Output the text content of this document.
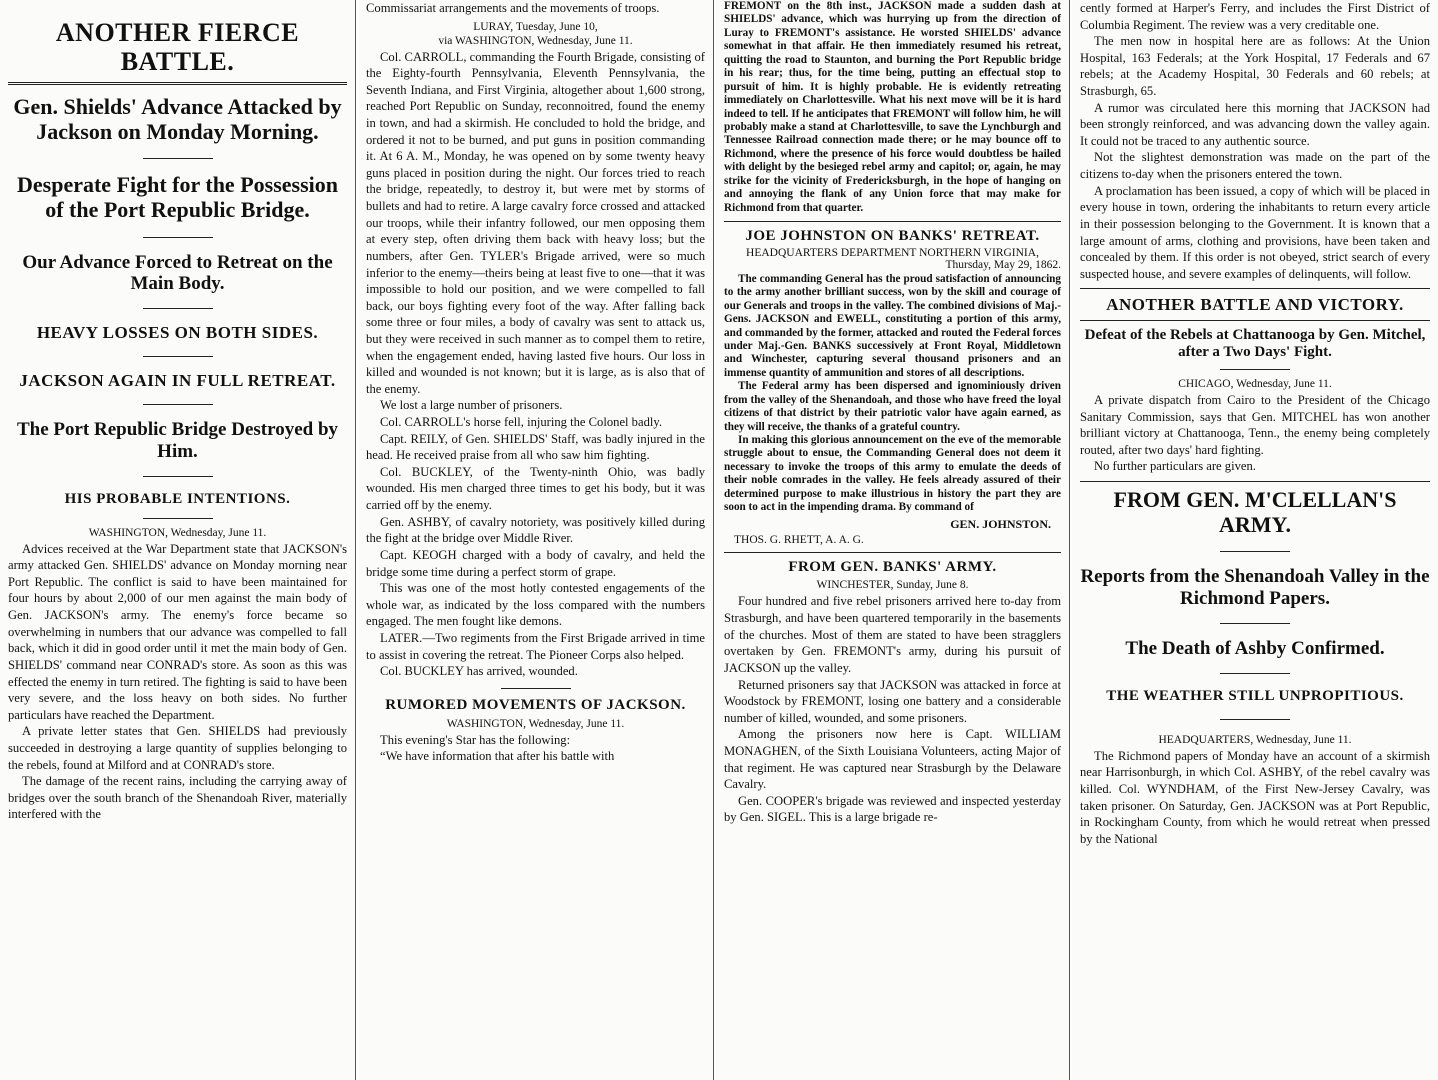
ANOTHER FIERCE BATTLE.
Gen. Shields' Advance Attacked by Jackson on Monday Morning.
Desperate Fight for the Possession of the Port Republic Bridge.
Our Advance Forced to Retreat on the Main Body.
HEAVY LOSSES ON BOTH SIDES.
JACKSON AGAIN IN FULL RETREAT.
The Port Republic Bridge Destroyed by Him.
HIS PROBABLE INTENTIONS.
WASHINGTON, Wednesday, June 11.

Advices received at the War Department state that JACKSON's army attacked Gen. SHIELDS' advance on Monday morning near Port Republic. The conflict is said to have been maintained for four hours by about 2,000 of our men against the main body of Gen. JACKSON's army. The enemy's force became so overwhelming in numbers that our advance was compelled to fall back, which it did in good order until it met the main body of Gen. SHIELDS' command near CONRAD's store. As soon as this was effected the enemy in turn retired. The fighting is said to have been very severe, and the loss heavy on both sides. No further particulars have reached the Department.

A private letter states that Gen. SHIELDS had previously succeeded in destroying a large quantity of supplies belonging to the rebels, found at Milford and at CONRAD's store.

The damage of the recent rains, including the carrying away of bridges over the south branch of the Shenandoah River, materially interfered with the

Commissariat arrangements and the movements of troops.

LURAY, Tuesday, June 10,
via WASHINGTON, Wednesday, June 11.

Col. CARROLL, commanding the Fourth Brigade, consisting of the Eighty-fourth Pennsylvania, Eleventh Pennsylvania, the Seventh Indiana, and First Virginia, altogether about 1,600 strong, reached Port Republic on Sunday, reconnoitred, found the enemy in town, and had a skirmish. He concluded to hold the bridge, and ordered it not to be burned, and put guns in position commanding it. At 6 A. M., Monday, he was opened on by some twenty heavy guns placed in position during the night. Our forces tried to reach the bridge, repeatedly, to destroy it, but were met by storms of bullets and had to retire. A large cavalry force crossed and attacked our troops, while their infantry followed, our men opposing them at every step, often driving them back with heavy loss; but the numbers, after Gen. TYLER's Brigade arrived, were so much inferior to the enemy—theirs being at least five to one—that it was impossible to hold our position, and we were compelled to fall back, our boys fighting every foot of the way. After falling back some three or four miles, a body of cavalry was sent to attack us, but they were received in such manner as to compel them to retire, when the engagement ended, having lasted five hours. Our loss in killed and wounded is not known; but it is large, as is also that of the enemy.

We lost a large number of prisoners.

Col. CARROLL's horse fell, injuring the Colonel badly.

Capt. REILY, of Gen. SHIELDS' Staff, was badly injured in the head. He received praise from all who saw him fighting.

Col. BUCKLEY, of the Twenty-ninth Ohio, was badly wounded. His men charged three times to get his body, but it was carried off by the enemy.

Gen. ASHBY, of cavalry notoriety, was positively killed during the fight at the bridge over Middle River.

Capt. KEOGH charged with a body of cavalry, and held the bridge some time during a perfect storm of grape.

This was one of the most hotly contested engagements of the whole war, as indicated by the loss compared with the numbers engaged. The men fought like demons.

LATER.—Two regiments from the First Brigade arrived in time to assist in covering the retreat. The Pioneer Corps also helped.

Col. BUCKLEY has arrived, wounded.

RUMORED MOVEMENTS OF JACKSON.
WASHINGTON, Wednesday, June 11.

This evening's Star has the following:

“We have information that after his battle with

FREMONT on the 8th inst., JACKSON made a sudden dash at SHIELDS' advance, which was hurrying up from the direction of Luray to FREMONT's assistance. He worsted SHIELDS' advance somewhat in that affair. He then immediately resumed his retreat, quitting the road to Staunton, and burning the Port Republic bridge in his rear; thus, for the time being, putting an effectual stop to pursuit of him. It is highly probable. He is evidently retreating immediately on Charlottesville. What his next move will be it is hard indeed to tell. If he anticipates that FREMONT will follow him, he will probably make a stand at Charlottesville, to save the Lynchburgh and Tennessee Railroad connection made there; or he may bounce off to Richmond, where the presence of his force would doubtless be hailed with delight by the besieged rebel army and capitol; or, again, he may strike for the vicinity of Fredericksburgh, in the hope of hanging on and annoying the flank of any Union force that may make for Richmond from that quarter.

JOE JOHNSTON ON BANKS' RETREAT.
HEADQUARTERS DEPARTMENT NORTHERN VIRGINIA,
Thursday, May 29, 1862.

The commanding General has the proud satisfaction of announcing to the army another brilliant success, won by the skill and courage of our Generals and troops in the valley. The combined divisions of Maj.-Gens. JACKSON and EWELL, constituting a portion of this army, and commanded by the former, attacked and routed the Federal forces under Maj.-Gen. BANKS successively at Front Royal, Middletown and Winchester, capturing several thousand prisoners and an immense quantity of ammunition and stores of all descriptions.

The Federal army has been dispersed and ignominiously driven from the valley of the Shenandoah, and those who have freed the loyal citizens of that district by their patriotic valor have again earned, as they will receive, the thanks of a grateful country.

In making this glorious announcement on the eve of the memorable struggle about to ensue, the Commanding General does not deem it necessary to invoke the troops of this army to emulate the deeds of their noble comrades in the valley. He feels already assured of their determined purpose to make illustrious in history the part they are soon to act in the impending drama. By command of

GEN. JOHNSTON.
THOS. G. RHETT, A. A. G.
FROM GEN. BANKS' ARMY.
WINCHESTER, Sunday, June 8.

Four hundred and five rebel prisoners arrived here to-day from Strasburgh, and have been quartered temporarily in the basements of the churches. Most of them are stated to have been stragglers overtaken by Gen. FREMONT's army, during his pursuit of JACKSON up the valley.

Returned prisoners say that JACKSON was attacked in force at Woodstock by FREMONT, losing one battery and a considerable number of killed, wounded, and some prisoners.

Among the prisoners now here is Capt. WILLIAM MONAGHEN, of the Sixth Louisiana Volunteers, acting Major of that regiment. He was captured near Strasburgh by the Delaware Cavalry.

Gen. COOPER's brigade was reviewed and inspected yesterday by Gen. SIGEL. This is a large brigade re-

cently formed at Harper's Ferry, and includes the First District of Columbia Regiment. The review was a very creditable one.

The men now in hospital here are as follows: At the Union Hospital, 163 Federals; at the York Hospital, 17 Federals and 67 rebels; at the Academy Hospital, 30 Federals and 60 rebels; at Strasburgh, 65.

A rumor was circulated here this morning that JACKSON had been strongly reinforced, and was advancing down the valley again. It could not be traced to any authentic source.

Not the slightest demonstration was made on the part of the citizens to-day when the prisoners entered the town.

A proclamation has been issued, a copy of which will be placed in every house in town, ordering the inhabitants to return every article in their possession belonging to the Government. It is known that a large amount of arms, clothing and provisions, have been taken and concealed by them. If this order is not obeyed, strict search of every suspected house, and severe examples of delinquents, will follow.

ANOTHER BATTLE AND VICTORY.
Defeat of the Rebels at Chattanooga by Gen. Mitchel, after a Two Days' Fight.
CHICAGO, Wednesday, June 11.

A private dispatch from Cairo to the President of the Chicago Sanitary Commission, says that Gen. MITCHEL has won another brilliant victory at Chattanooga, Tenn., the enemy being completely routed, after two days' hard fighting.

No further particulars are given.

FROM GEN. M'CLELLAN'S ARMY.
Reports from the Shenandoah Valley in the Richmond Papers.
The Death of Ashby Confirmed.
THE WEATHER STILL UNPROPITIOUS.
HEADQUARTERS, Wednesday, June 11.

The Richmond papers of Monday have an account of a skirmish near Harrisonburgh, in which Col. ASHBY, of the rebel cavalry was killed. Col. WYNDHAM, of the First New-Jersey Cavalry, was taken prisoner. On Saturday, Gen. JACKSON was at Port Republic, in Rockingham County, from which he would retreat when pressed by the National
